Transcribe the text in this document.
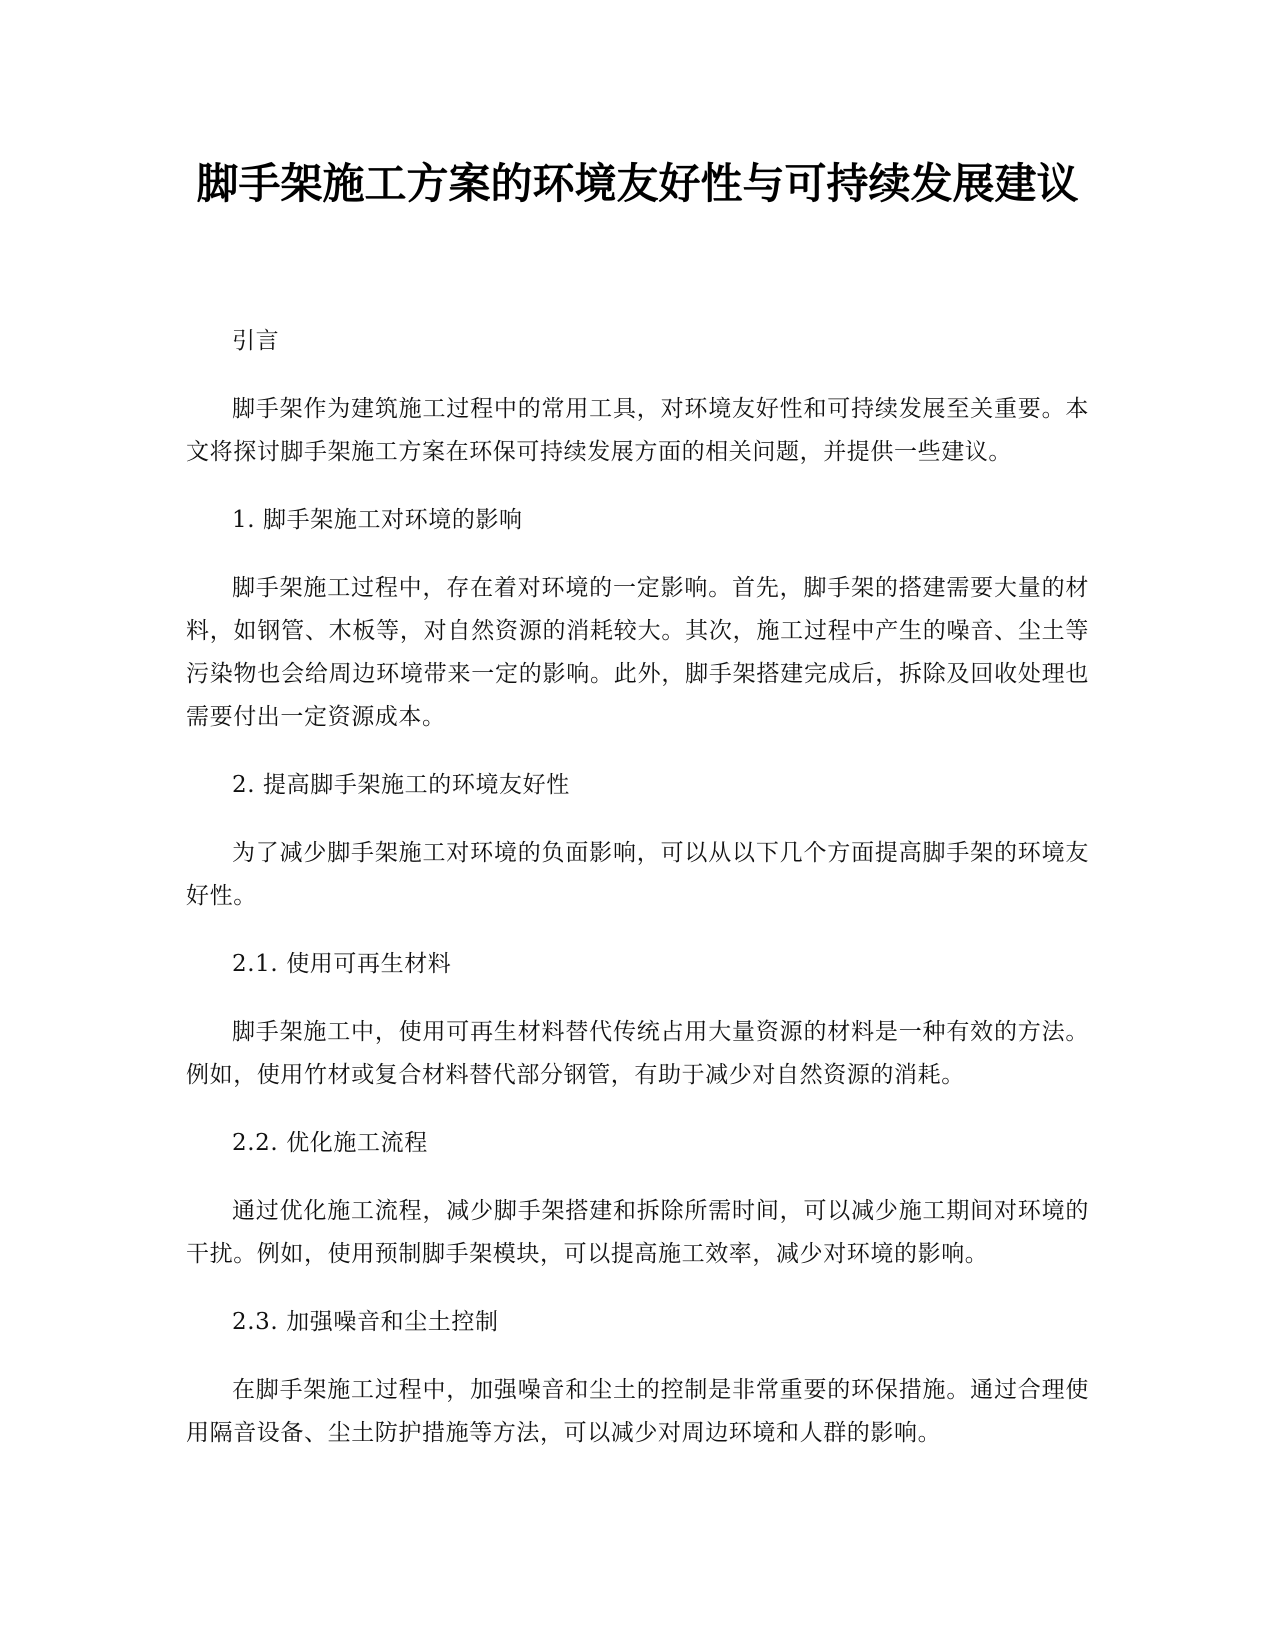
脚手架施工方案的环境友好性与可持续发展建议

引言

脚手架作为建筑施工过程中的常用工具，对环境友好性和可持续发展至关重要。本文将探讨脚手架施工方案在环保可持续发展方面的相关问题，并提供一些建议。

1. 脚手架施工对环境的影响

脚手架施工过程中，存在着对环境的一定影响。首先，脚手架的搭建需要大量的材料，如钢管、木板等，对自然资源的消耗较大。其次，施工过程中产生的噪音、尘土等污染物也会给周边环境带来一定的影响。此外，脚手架搭建完成后，拆除及回收处理也需要付出一定资源成本。

2. 提高脚手架施工的环境友好性

为了减少脚手架施工对环境的负面影响，可以从以下几个方面提高脚手架的环境友好性。

2.1. 使用可再生材料

脚手架施工中，使用可再生材料替代传统占用大量资源的材料是一种有效的方法。例如，使用竹材或复合材料替代部分钢管，有助于减少对自然资源的消耗。

2.2. 优化施工流程

通过优化施工流程，减少脚手架搭建和拆除所需时间，可以减少施工期间对环境的干扰。例如，使用预制脚手架模块，可以提高施工效率，减少对环境的影响。

2.3. 加强噪音和尘土控制

在脚手架施工过程中，加强噪音和尘土的控制是非常重要的环保措施。通过合理使用隔音设备、尘土防护措施等方法，可以减少对周边环境和人群的影响。
